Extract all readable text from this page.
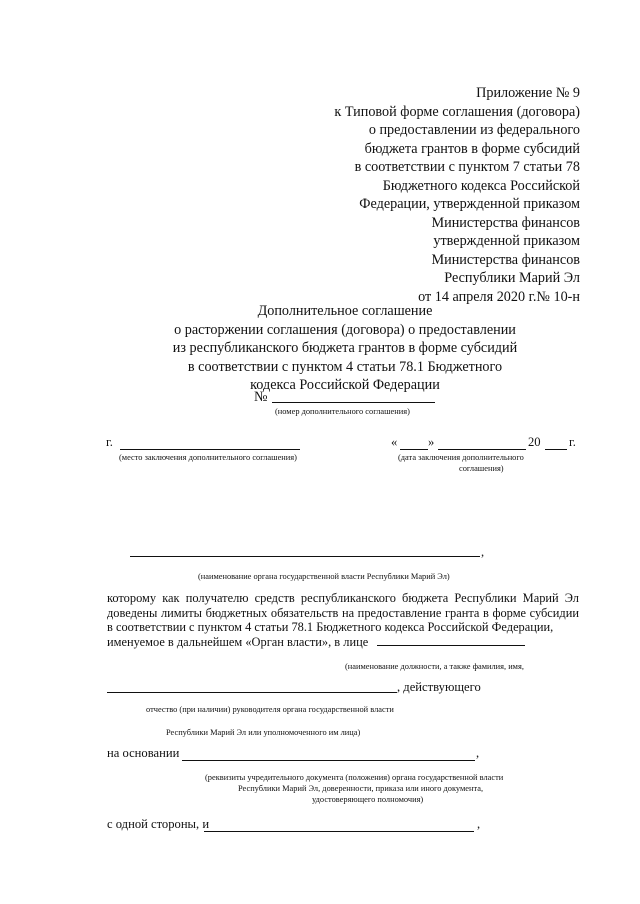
Приложение № 9
к Типовой форме соглашения (договора)
о предоставлении из федерального
бюджета грантов в форме субсидий
в соответствии с пунктом 7 статьи 78
Бюджетного кодекса Российской
Федерации, утвержденной приказом
Министерства финансов
утвержденной приказом
Министерства финансов
Республики Марий Эл
от 14 апреля 2020 г.№ 10-н
Дополнительное соглашение
о расторжении соглашения (договора) о предоставлении
из республиканского бюджета грантов в форме субсидий
в соответствии с пунктом 4 статьи 78.1 Бюджетного
кодекса Российской Федерации
№
(номер дополнительного соглашения)
г.
(место заключения дополнительного соглашения)
« »	20 г.
(дата заключения дополнительного
соглашения)
,
(наименование органа государственной власти Республики Марий Эл)
которому как получателю средств республиканского бюджета Республики Марий Эл доведены лимиты бюджетных обязательств на предоставление гранта в форме субсидии в соответствии с пунктом 4 статьи 78.1 Бюджетного кодекса Российской Федерации,
именуемое в дальнейшем «Орган власти», в лице
(наименование должности, а также фамилия, имя,
, действующего
отчество (при наличии) руководителя органа государственной власти
Республики Марий Эл или уполномоченного им лица)
на основании	,
(реквизиты учредительного документа (положения) органа государственной власти
Республики Марий Эл, доверенности, приказа или иного документа,
удостоверяющего полномочия)
с одной стороны, и	,
